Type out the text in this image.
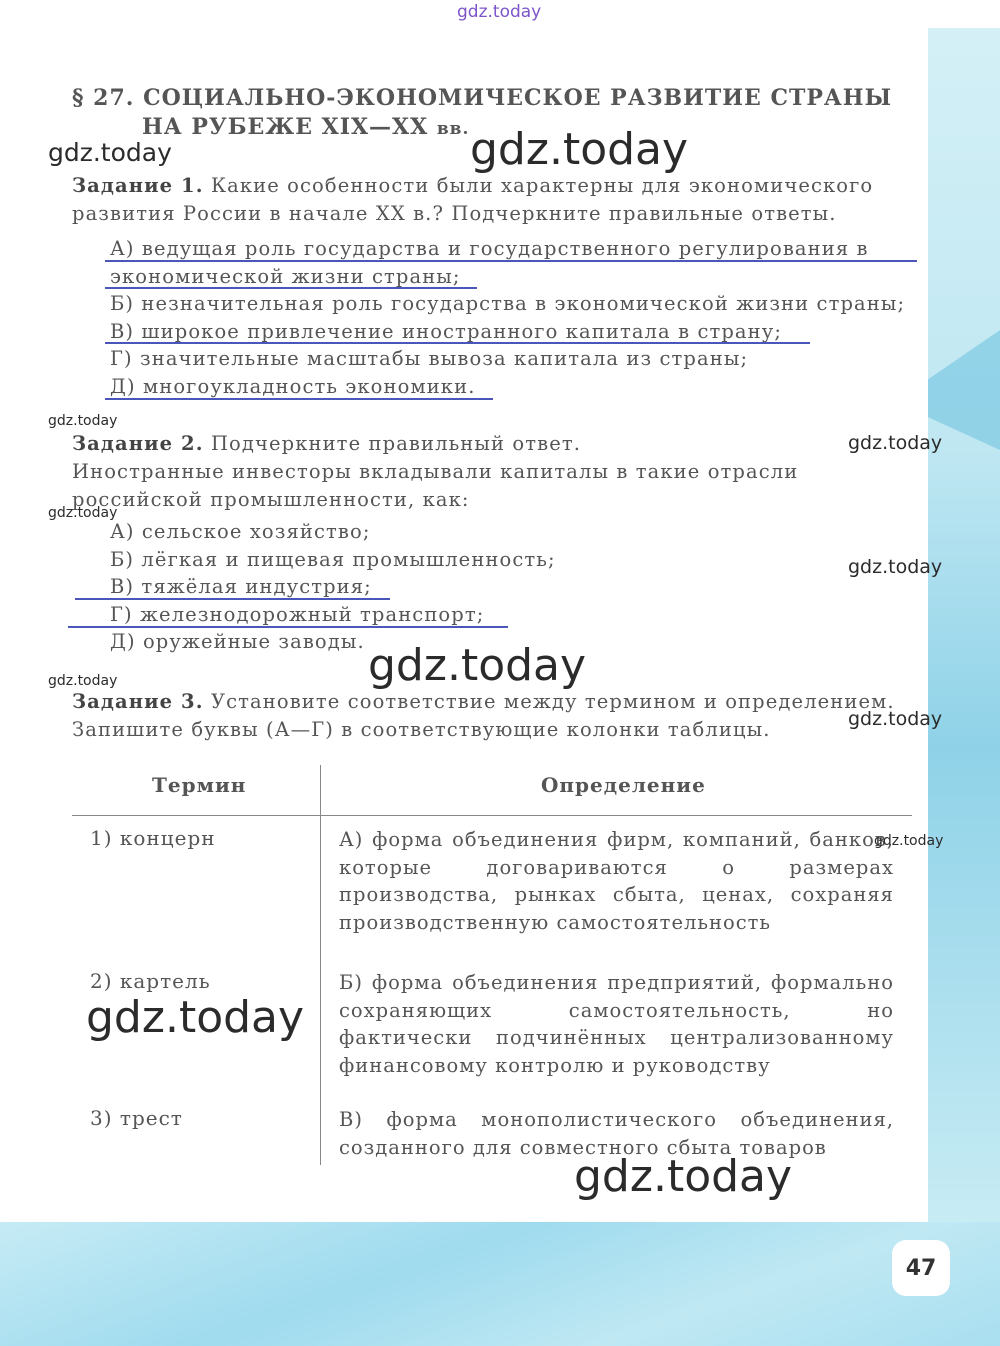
gdz.today
§ 27. СОЦИАЛЬНО-ЭКОНОМИЧЕСКОЕ РАЗВИТИЕ СТРАНЫ
НА РУБЕЖЕ XIX—XX вв.
gdz.today	gdz.today
Задание 1. Какие особенности были характерны для экономического развития России в начале XX в.? Подчеркните правильные ответы.
А) ведущая роль государства и государственного регулирования в
экономической жизни страны;
Б) незначительная роль государства в экономической жизни страны;
В) широкое привлечение иностранного капитала в страну;
Г) значительные масштабы вывоза капитала из страны;
Д) многоукладность экономики.
gdz.today
Задание 2. Подчеркните правильный ответ.
Иностранные инвесторы вкладывали капиталы в такие отрасли российской промышленности, как:
gdz.today
gdz.today
А) сельское хозяйство;
Б) лёгкая и пищевая промышленность;
В) тяжёлая индустрия;
Г) железнодорожный транспорт;
Д) оружейные заводы.
gdz.today
gdz.today
gdz.today
Задание 3. Установите соответствие между термином и определением. Запишите буквы (А—Г) в соответствующие колонки таблицы.	gdz.today
Термин	Определение
1) концерн	А) форма объединения фирм, компаний, банков, которые договариваются о размерах производства, рынках сбыта, ценах, сохраняя производственную самостоятельность
gdz.today
2) картель	Б) форма объединения предприятий, формально сохраняющих самостоятельность, но фактически подчинённых централизованному финансовому контролю и руководству
gdz.today
3) трест	В) форма монополистического объединения, созданного для совместного сбыта товаров
gdz.today
47
